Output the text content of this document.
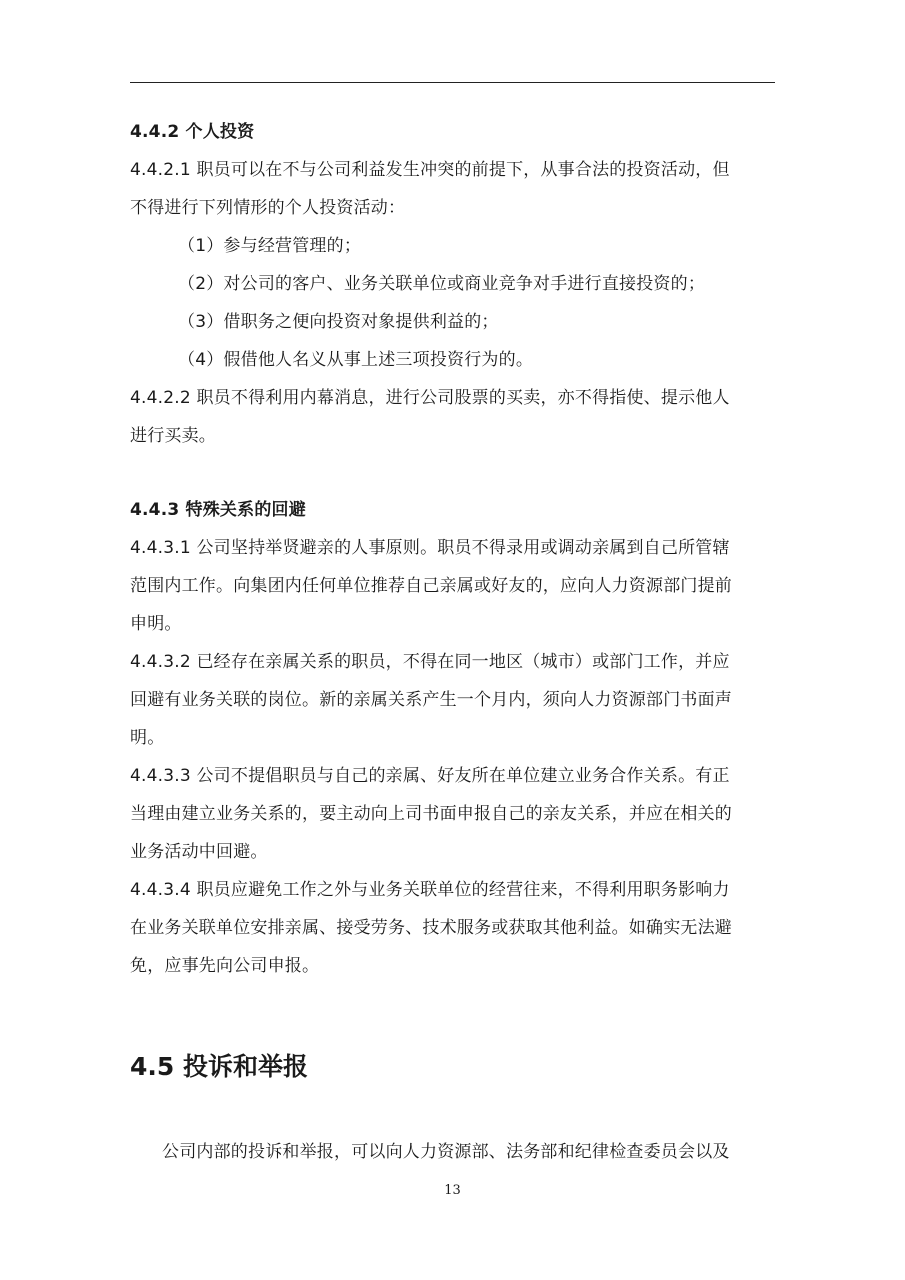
4.4.2 个人投资
4.4.2.1 职员可以在不与公司利益发生冲突的前提下，从事合法的投资活动，但
不得进行下列情形的个人投资活动：
（1）参与经营管理的；
（2）对公司的客户、业务关联单位或商业竞争对手进行直接投资的；
（3）借职务之便向投资对象提供利益的；
（4）假借他人名义从事上述三项投资行为的。
4.4.2.2 职员不得利用内幕消息，进行公司股票的买卖，亦不得指使、提示他人
进行买卖。
4.4.3 特殊关系的回避
4.4.3.1 公司坚持举贤避亲的人事原则。职员不得录用或调动亲属到自己所管辖
范围内工作。向集团内任何单位推荐自己亲属或好友的，应向人力资源部门提前
申明。
4.4.3.2 已经存在亲属关系的职员，不得在同一地区（城市）或部门工作，并应
回避有业务关联的岗位。新的亲属关系产生一个月内，须向人力资源部门书面声
明。
4.4.3.3 公司不提倡职员与自己的亲属、好友所在单位建立业务合作关系。有正
当理由建立业务关系的，要主动向上司书面申报自己的亲友关系，并应在相关的
业务活动中回避。
4.4.3.4 职员应避免工作之外与业务关联单位的经营往来，不得利用职务影响力
在业务关联单位安排亲属、接受劳务、技术服务或获取其他利益。如确实无法避
免，应事先向公司申报。
4.5 投诉和举报
公司内部的投诉和举报，可以向人力资源部、法务部和纪律检查委员会以及
13
